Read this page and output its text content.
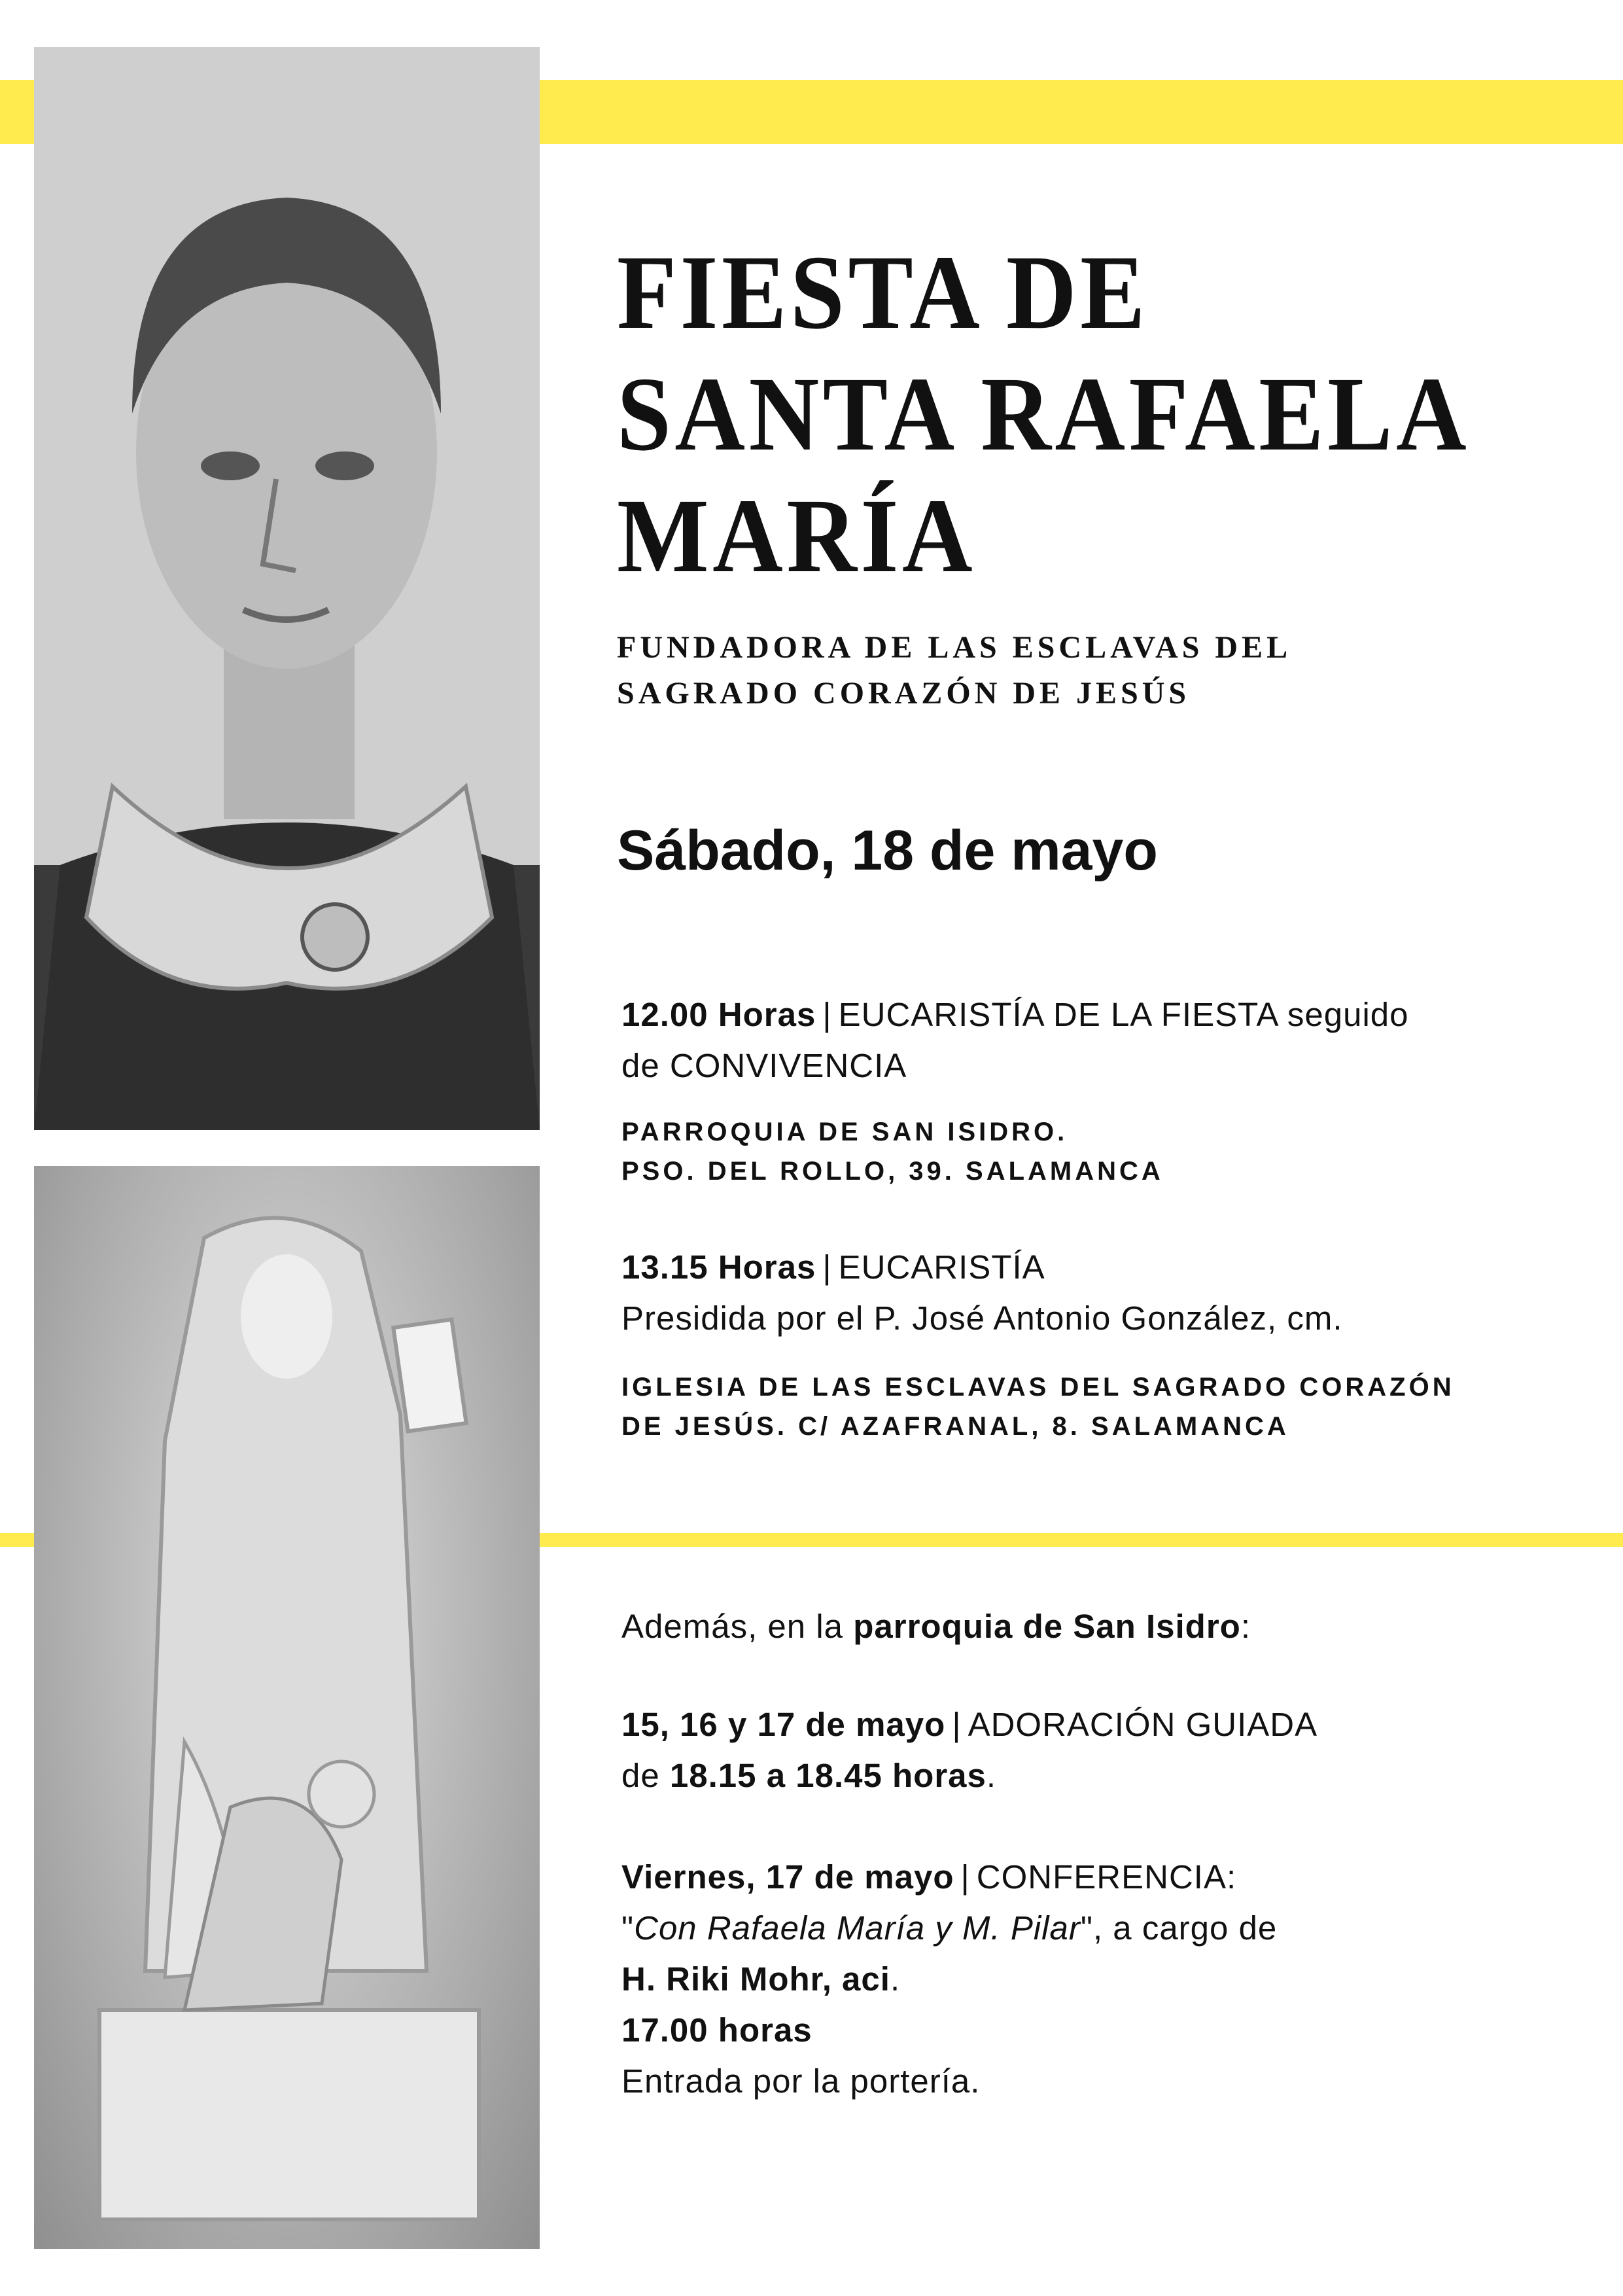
FIESTA DE
SANTA RAFAELA
MARÍA
FUNDADORA DE LAS ESCLAVAS DEL
SAGRADO CORAZÓN DE JESÚS
Sábado, 18 de mayo
12.00 Horas | EUCARISTÍA DE LA FIESTA seguido
de CONVIVENCIA
PARROQUIA DE SAN ISIDRO.
PSO. DEL ROLLO, 39. SALAMANCA
13.15 Horas | EUCARISTÍA
Presidida por el P. José Antonio González, cm.
IGLESIA DE LAS ESCLAVAS DEL SAGRADO CORAZÓN
DE JESÚS. C/ AZAFRANAL, 8. SALAMANCA
Además, en la parroquia de San Isidro:
15, 16 y 17 de mayo | ADORACIÓN GUIADA
de 18.15 a 18.45 horas.
Viernes, 17 de mayo | CONFERENCIA:
"Con Rafaela María y M. Pilar", a cargo de
H. Riki Mohr, aci.
17.00 horas
Entrada por la portería.
